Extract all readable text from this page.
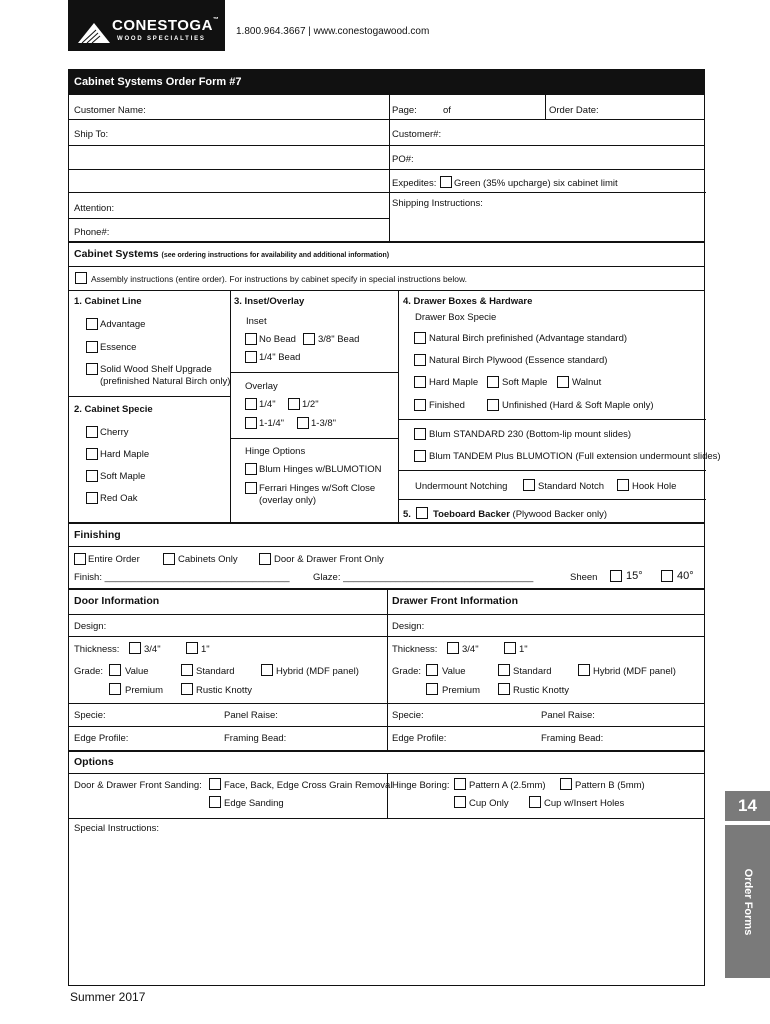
CONESTOGA™
WOOD SPECIALTIES
1.800.964.3667 | www.conestogawood.com
Cabinet Systems Order Form #7
Customer Name:	Page:	of	Order Date:
Ship To:	Customer#:
PO#:
Expedites: Green (35% upcharge) six cabinet limit
Attention:	Shipping Instructions:
Phone#:
Cabinet Systems (see ordering instructions for availability and additional information)
Assembly instructions (entire order). For instructions by cabinet specify in special instructions below.
1. Cabinet Line
Advantage
Essence
Solid Wood Shelf Upgrade
(prefinished Natural Birch only)
2. Cabinet Specie
Cherry
Hard Maple
Soft Maple
Red Oak
3. Inset/Overlay
Inset
No Bead 3/8" Bead
1/4" Bead
Overlay
1/4"	1/2"
1-1/4"	1-3/8"
Hinge Options
Blum Hinges w/BLUMOTION
Ferrari Hinges w/Soft Close
(overlay only)
4. Drawer Boxes & Hardware
Drawer Box Specie
Natural Birch prefinished (Advantage standard)
Natural Birch Plywood (Essence standard)
Hard Maple	Soft Maple	Walnut
Finished	Unfinished (Hard & Soft Maple only)
Blum STANDARD 230 (Bottom-lip mount slides)
Blum TANDEM Plus BLUMOTION (Full extension undermount slides)
Undermount Notching	Standard Notch	Hook Hole
5. Toeboard Backer (Plywood Backer only)
Finishing
Entire Order	Cabinets Only	Door & Drawer Front Only
Finish: ___________________________________ Glaze: ____________________________________	Sheen	15°	40°
Door Information	Drawer Front Information
Design:	Design:
Thickness:	3/4"	1"
Grade: Value	Standard	Hybrid (MDF panel)
Premium	Rustic Knotty
Thickness:	3/4"	1"
Grade: Value	Standard	Hybrid (MDF panel)
Premium	Rustic Knotty
Specie:	Panel Raise:	Specie:	Panel Raise:
Edge Profile:	Framing Bead:	Edge Profile:	Framing Bead:
Options
Door & Drawer Front Sanding: Face, Back, Edge Cross Grain Removal
Edge Sanding
Hinge Boring: Pattern A (2.5mm)	Pattern B (5mm)
Cup Only	Cup w/Insert Holes
Special Instructions:
14
Order Forms
Summer 2017
